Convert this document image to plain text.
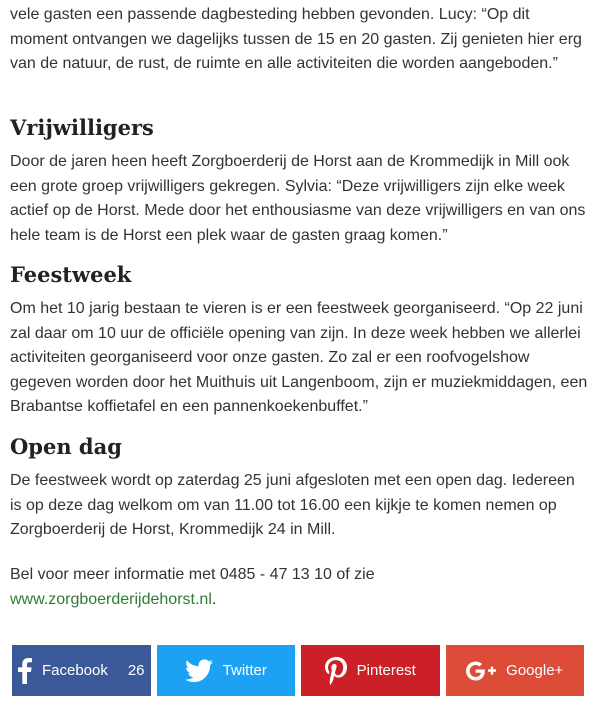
vele gasten een passende dagbesteding hebben gevonden. Lucy: “Op dit moment ontvangen we dagelijks tussen de 15 en 20 gasten. Zij genieten hier erg van de natuur, de rust, de ruimte en alle activiteiten die worden aangeboden.”

Vrijwilligers

Door de jaren heen heeft Zorgboerderij de Horst aan de Krommedijk in Mill ook een grote groep vrijwilligers gekregen. Sylvia: “Deze vrijwilligers zijn elke week actief op de Horst. Mede door het enthousiasme van deze vrijwilligers en van ons hele team is de Horst een plek waar de gasten graag komen.”

Feestweek

Om het 10 jarig bestaan te vieren is er een feestweek georganiseerd. “Op 22 juni zal daar om 10 uur de officiële opening van zijn. In deze week hebben we allerlei activiteiten georganiseerd voor onze gasten. Zo zal er een roofvogelshow gegeven worden door het Muithuis uit Langenboom, zijn er muziekmiddagen, een Brabantse koffietafel en een pannenkoekenbuffet.”

Open dag

De feestweek wordt op zaterdag 25 juni afgesloten met een open dag. Iedereen is op deze dag welkom om van 11.00 tot 16.00 een kijkje te komen nemen op Zorgboerderij de Horst, Krommedijk 24 in Mill.

Bel voor meer informatie met 0485 - 47 13 10 of zie
www.zorgboerderijdehorst.nl.

Facebook 26	Twitter	Pinterest	Google+
